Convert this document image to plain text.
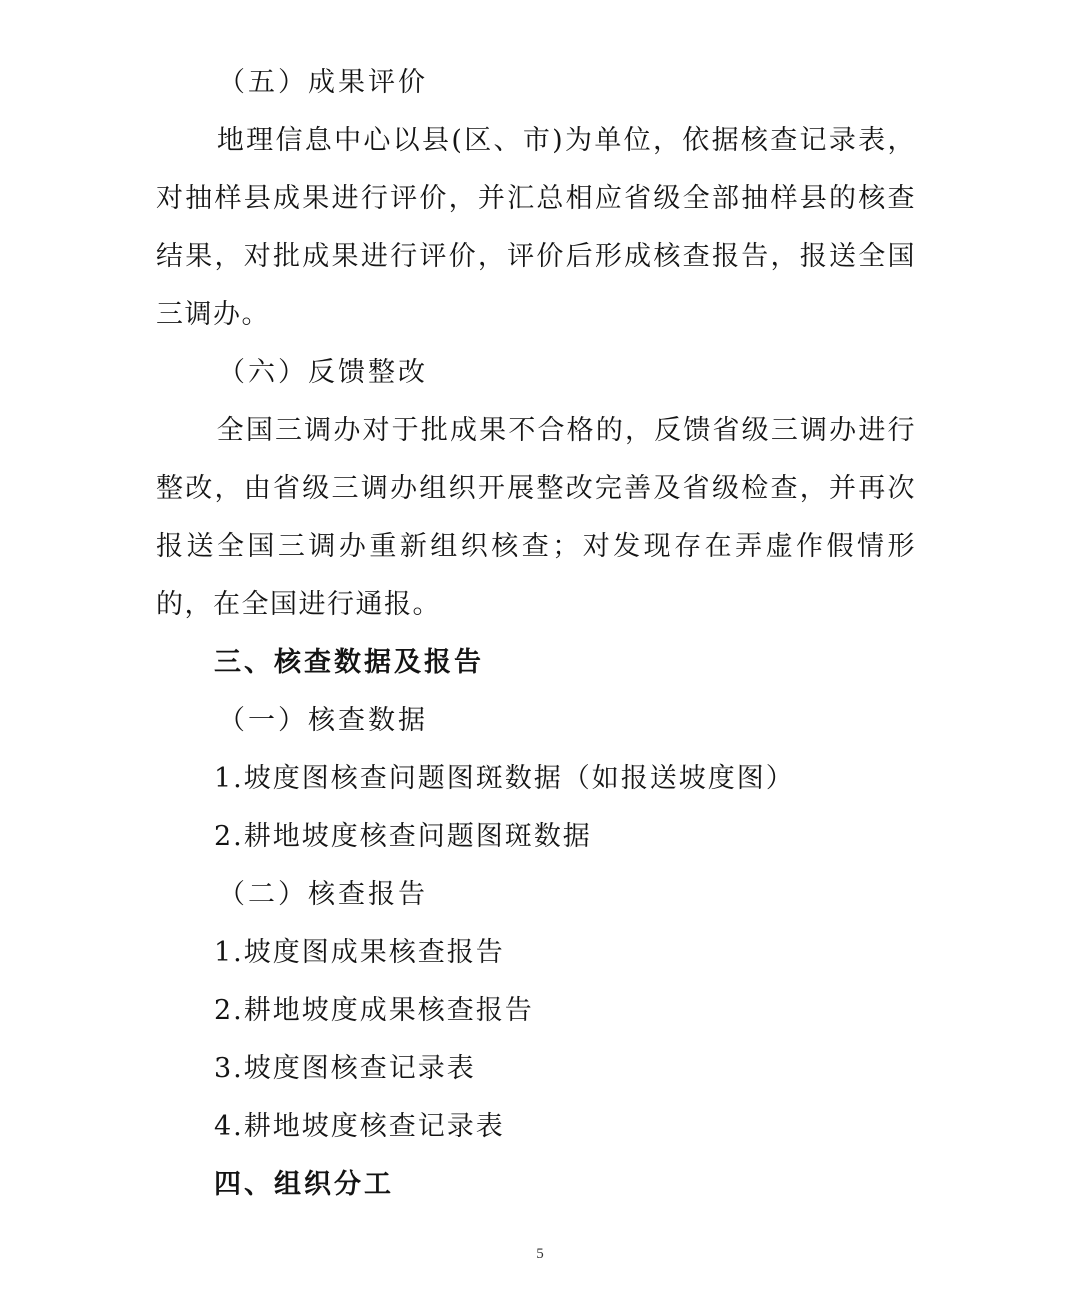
（五）成果评价
地理信息中心以县(区、市)为单位，依据核查记录表，对抽样县成果进行评价，并汇总相应省级全部抽样县的核查结果，对批成果进行评价，评价后形成核查报告，报送全国三调办。
（六）反馈整改
全国三调办对于批成果不合格的，反馈省级三调办进行整改，由省级三调办组织开展整改完善及省级检查，并再次报送全国三调办重新组织核查；对发现存在弄虚作假情形的，在全国进行通报。
三、核查数据及报告
（一）核查数据
1.坡度图核查问题图斑数据（如报送坡度图）
2.耕地坡度核查问题图斑数据
（二）核查报告
1.坡度图成果核查报告
2.耕地坡度成果核查报告
3.坡度图核查记录表
4.耕地坡度核查记录表
四、组织分工
5
